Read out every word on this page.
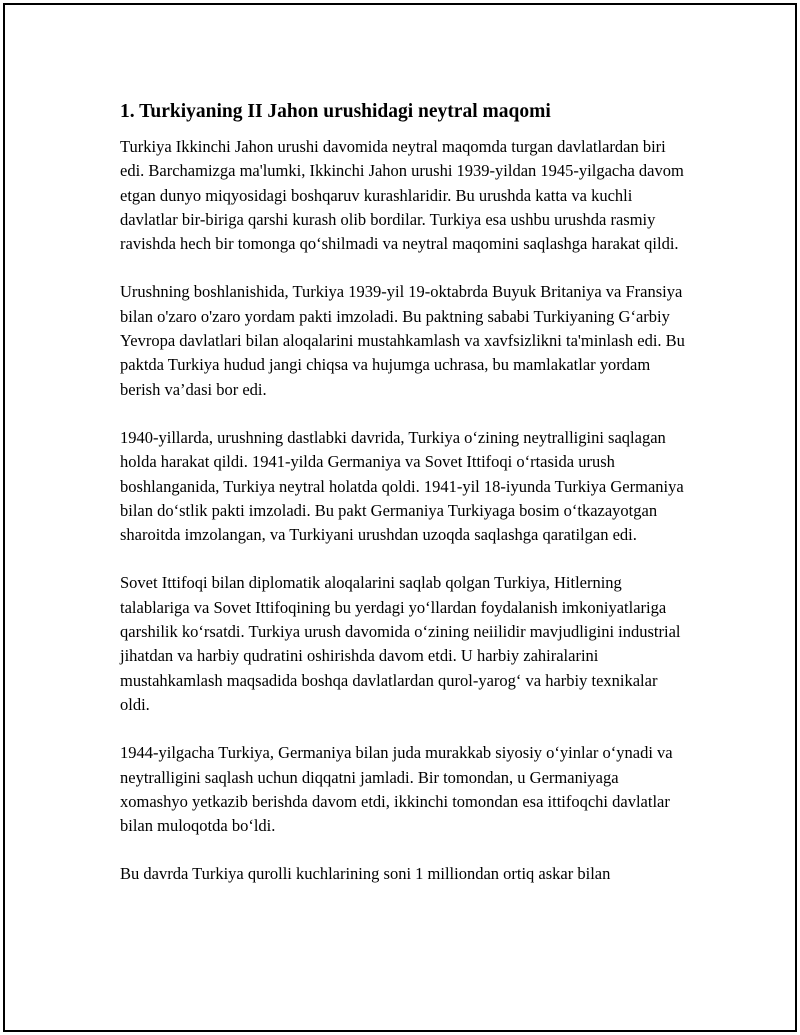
1. Turkiyaning II Jahon urushidagi neytral maqomi

Turkiya Ikkinchi Jahon urushi davomida neytral maqomda turgan davlatlardan biri edi. Barchamizga ma'lumki, Ikkinchi Jahon urushi 1939-yildan 1945-yilgacha davom etgan dunyo miqyosidagi boshqaruv kurashlaridir. Bu urushda katta va kuchli davlatlar bir-biriga qarshi kurash olib bordilar. Turkiya esa ushbu urushda rasmiy ravishda hech bir tomonga qo‘shilmadi va neytral maqomini saqlashga harakat qildi.

Urushning boshlanishida, Turkiya 1939-yil 19-oktabrda Buyuk Britaniya va Fransiya bilan o'zaro o'zaro yordam pakti imzoladi. Bu paktning sababi Turkiyaning G‘arbiy Yevropa davlatlari bilan aloqalarini mustahkamlash va xavfsizlikni ta'minlash edi. Bu paktda Turkiya hudud jangi chiqsa va hujumga uchrasa, bu mamlakatlar yordam berish va’dasi bor edi.

1940-yillarda, urushning dastlabki davrida, Turkiya o‘zining neytralligini saqlagan holda harakat qildi. 1941-yilda Germaniya va Sovet Ittifoqi o‘rtasida urush boshlanganida, Turkiya neytral holatda qoldi. 1941-yil 18-iyunda Turkiya Germaniya bilan do‘stlik pakti imzoladi. Bu pakt Germaniya Turkiyaga bosim o‘tkazayotgan sharoitda imzolangan, va Turkiyani urushdan uzoqda saqlashga qaratilgan edi.

Sovet Ittifoqi bilan diplomatik aloqalarini saqlab qolgan Turkiya, Hitlerning talablariga va Sovet Ittifoqining bu yerdagi yo‘llardan foydalanish imkoniyatlariga qarshilik ko‘rsatdi. Turkiya urush davomida o‘zining neiilidir mavjudligini industrial jihatdan va harbiy qudratini oshirishda davom etdi. U harbiy zahiralarini mustahkamlash maqsadida boshqa davlatlardan qurol-yarog‘ va harbiy texnikalar oldi.

1944-yilgacha Turkiya, Germaniya bilan juda murakkab siyosiy o‘yinlar o‘ynadi va neytralligini saqlash uchun diqqatni jamladi. Bir tomondan, u Germaniyaga xomashyo yetkazib berishda davom etdi, ikkinchi tomondan esa ittifoqchi davlatlar bilan muloqotda bo‘ldi.

Bu davrda Turkiya qurolli kuchlarining soni 1 milliondan ortiq askar bilan
